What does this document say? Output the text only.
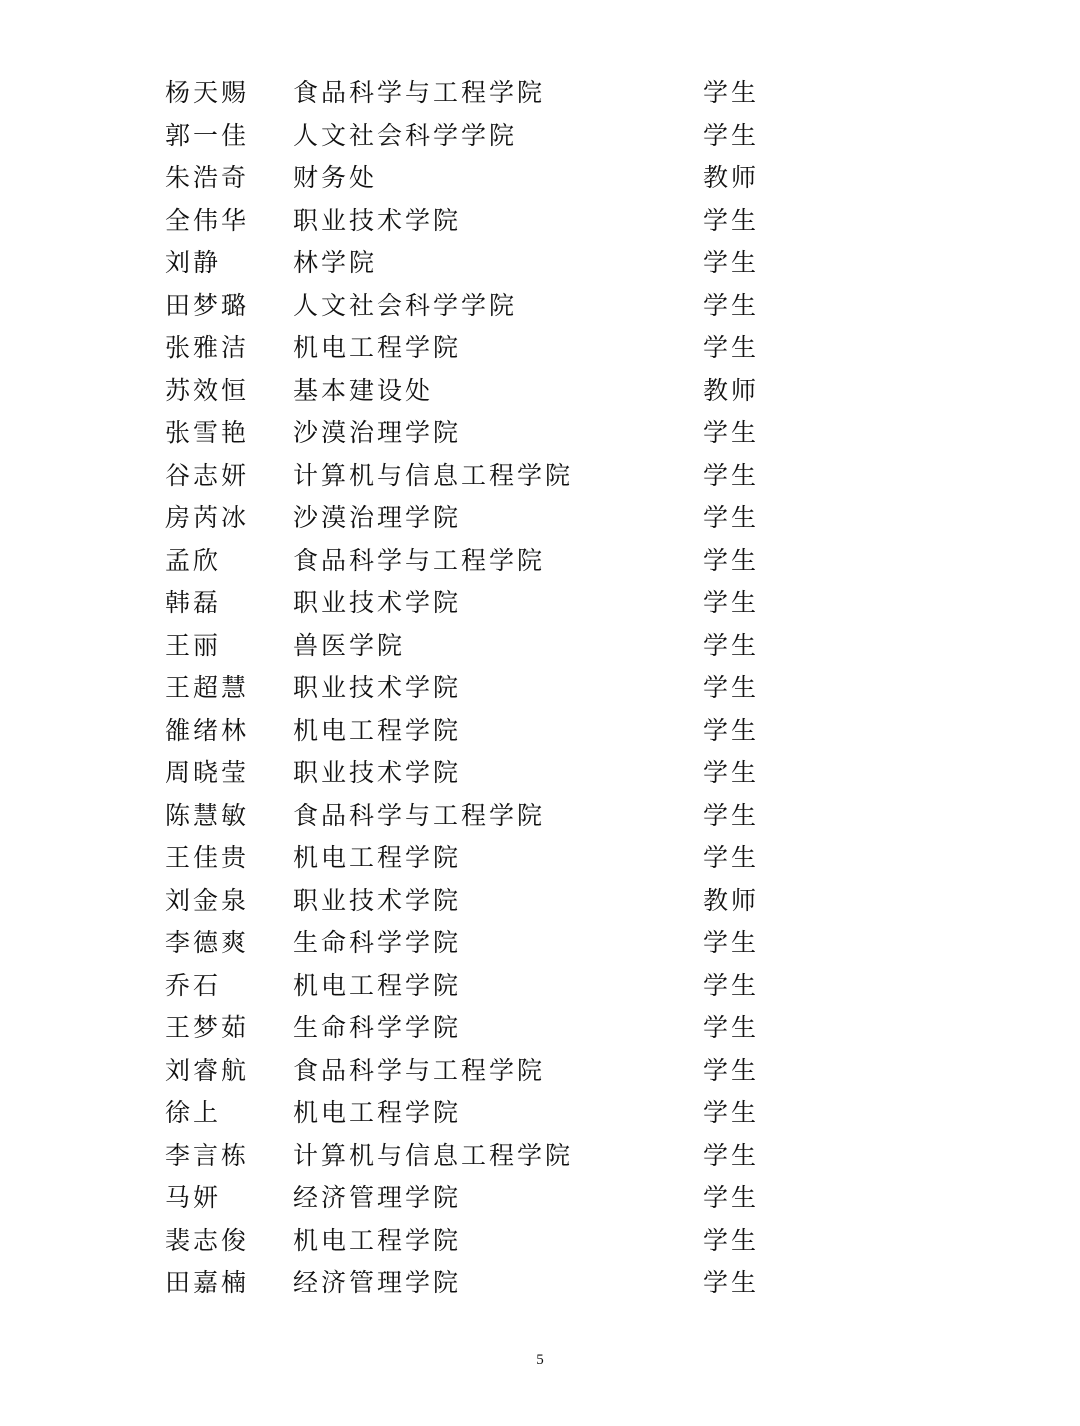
杨天赐 食品科学与工程学院	学生
郭一佳 人文社会科学学院	学生
朱浩奇 财务处	教师
全伟华 职业技术学院	学生
刘静	林学院	学生
田梦璐 人文社会科学学院	学生
张雅洁 机电工程学院	学生
苏效恒 基本建设处	教师
张雪艳 沙漠治理学院	学生
谷志妍 计算机与信息工程学院	学生
房芮冰 沙漠治理学院	学生
孟欣	食品科学与工程学院	学生
韩磊	职业技术学院	学生
王丽	兽医学院	学生
王超慧 职业技术学院	学生
雒绪林 机电工程学院	学生
周晓莹 职业技术学院	学生
陈慧敏 食品科学与工程学院	学生
王佳贵 机电工程学院	学生
刘金泉 职业技术学院	教师
李德爽 生命科学学院	学生
乔石	机电工程学院	学生
王梦茹 生命科学学院	学生
刘睿航 食品科学与工程学院	学生
徐上	机电工程学院	学生
李言栋 计算机与信息工程学院	学生
马妍	经济管理学院	学生
裴志俊 机电工程学院	学生
田嘉楠 经济管理学院	学生
5
